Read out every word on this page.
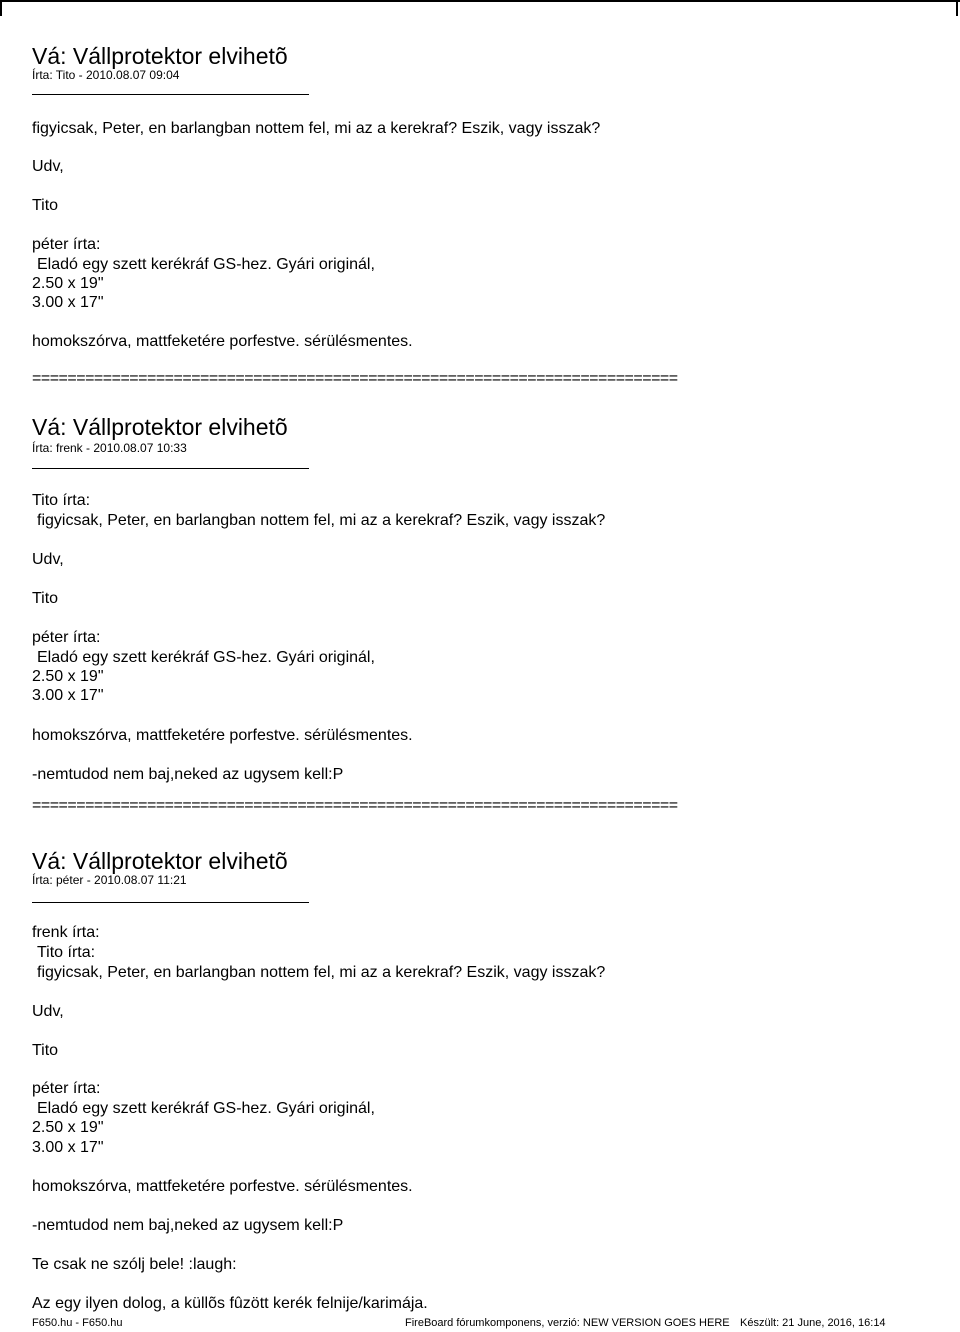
Vá: Vállprotektor elvihetõ
Írta: Tito - 2010.08.07 09:04
figyicsak, Peter, en barlangban nottem fel, mi az a kerekraf? Eszik, vagy isszak?
Udv,
Tito
péter írta:
Eladó egy szett kerékráf GS-hez. Gyári originál,
2.50 x 19"
3.00 x 17"
homokszórva, mattfeketére porfestve. sérülésmentes.
=========================================================================
Vá: Vállprotektor elvihetõ
Írta: frenk - 2010.08.07 10:33
Tito írta:
figyicsak, Peter, en barlangban nottem fel, mi az a kerekraf? Eszik, vagy isszak?
Udv,
Tito
péter írta:
Eladó egy szett kerékráf GS-hez. Gyári originál,
2.50 x 19"
3.00 x 17"
homokszórva, mattfeketére porfestve. sérülésmentes.
-nemtudod nem baj,neked az ugysem kell:P
=========================================================================
Vá: Vállprotektor elvihetõ
Írta: péter - 2010.08.07 11:21
frenk írta:
Tito írta:
figyicsak, Peter, en barlangban nottem fel, mi az a kerekraf? Eszik, vagy isszak?
Udv,
Tito
péter írta:
Eladó egy szett kerékráf GS-hez. Gyári originál,
2.50 x 19"
3.00 x 17"
homokszórva, mattfeketére porfestve. sérülésmentes.
-nemtudod nem baj,neked az ugysem kell:P
Te csak ne szólj bele! :laugh:
Az egy ilyen dolog, a küllõs fûzött kerék felnije/karimája.
F650.hu - F650.hu	FireBoard fórumkomponens, verzió: NEW VERSION GOES HERE Készült: 21 June, 2016, 16:14
